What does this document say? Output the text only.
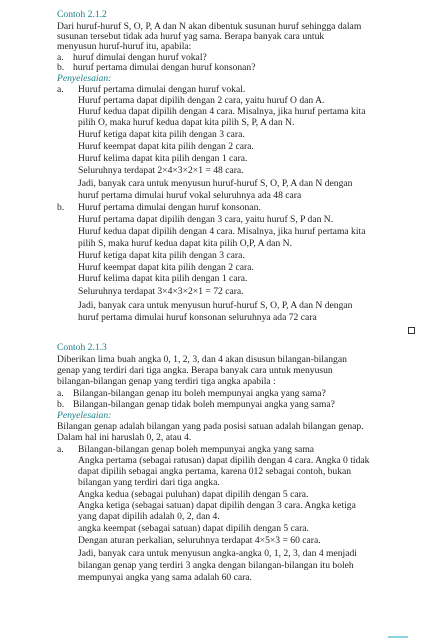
Contoh 2.1.2
Dari huruf-huruf S, O, P, A dan N akan dibentuk susunan huruf sehingga dalam
susunan tersebut tidak ada huruf yag sama. Berapa banyak cara untuk
menyusun huruf-huruf itu, apabila:
a. huruf dimulai dengan huruf vokal?
b. huruf pertama dimulai dengan huruf konsonan?
Penyelesaian:
a. Huruf pertama dimulai dengan huruf vokal.
Huruf pertama dapat dipilih dengan 2 cara, yaitu huruf O dan A.
Huruf kedua dapat dipilih dengan 4 cara. Misalnya, jika huruf pertama kita
pilih O, maka huruf kedua dapat kita pilih S, P, A dan N.
Huruf ketiga dapat kita pilih dengan 3 cara.
Huruf keempat dapat kita pilih dengan 2 cara.
Huruf kelima dapat kita pilih dengan 1 cara.
Seluruhnya terdapat 2×4×3×2×1 = 48 cara.
Jadi, banyak cara untuk menyusun huruf-huruf S, O, P, A dan N dengan
huruf pertama dimulai huruf vokal seluruhnya ada 48 cara
b. Huruf pertama dimulai dengan huruf konsonan.
Huruf pertama dapat dipilih dengan 3 cara, yaitu huruf S, P dan N.
Huruf kedua dapat dipilih dengan 4 cara. Misalnya, jika huruf pertama kita
pilih S, maka huruf kedua dapat kita pilih O,P, A dan N.
Huruf ketiga dapat kita pilih dengan 3 cara.
Huruf keempat dapat kita pilih dengan 2 cara.
Huruf kelima dapat kita pilih dengan 1 cara.
Seluruhnya terdapat 3×4×3×2×1 = 72 cara.
Jadi, banyak cara untuk menyusun huruf-huruf S, O, P, A dan N dengan
huruf pertama dimulai huruf konsonan seluruhnya ada 72 cara
Contoh 2.1.3
Diberikan lima buah angka 0, 1, 2, 3, dan 4 akan disusun bilangan-bilangan
genap yang terdiri dari tiga angka. Berapa banyak cara untuk menyusun
bilangan-bilangan genap yang terdiri tiga angka apabila :
a. Bilangan-bilangan genap itu boleh mempunyai angka yang sama?
b. Bilangan-bilangan genap tidak boleh mempunyai angka yang sama?
Penyelesaian:
Bilangan genap adalah bilangan yang pada posisi satuan adalah bilangan genap.
Dalam hal ini haruslah 0, 2, atau 4.
a. Bilangan-bilangan genap boleh mempunyai angka yang sama
Angka pertama (sebagai ratusan) dapat dipilih dengan 4 cara. Angka 0 tidak
dapat dipilih sebagai angka pertama, karena 012 sebagai contoh, bukan
bilangan yang terdiri dari tiga angka.
Angka kedua (sebagai puluhan) dapat dipilih dengan 5 cara.
Angka ketiga (sebagai satuan) dapat dipilih dengan 3 cara. Angka ketiga
yang dapat dipilih adalah 0, 2, dan 4.
angka keempat (sebagai satuan) dapat dipilih dengan 5 cara.
Dengan aturan perkalian, seluruhnya terdapat 4×5×3 = 60 cara.
Jadi, banyak cara untuk menyusun angka-angka 0, 1, 2, 3, dan 4 menjadi
bilangan genap yang terdiri 3 angka dengan bilangan-bilangan itu boleh
mempunyai angka yang sama adalah 60 cara.
